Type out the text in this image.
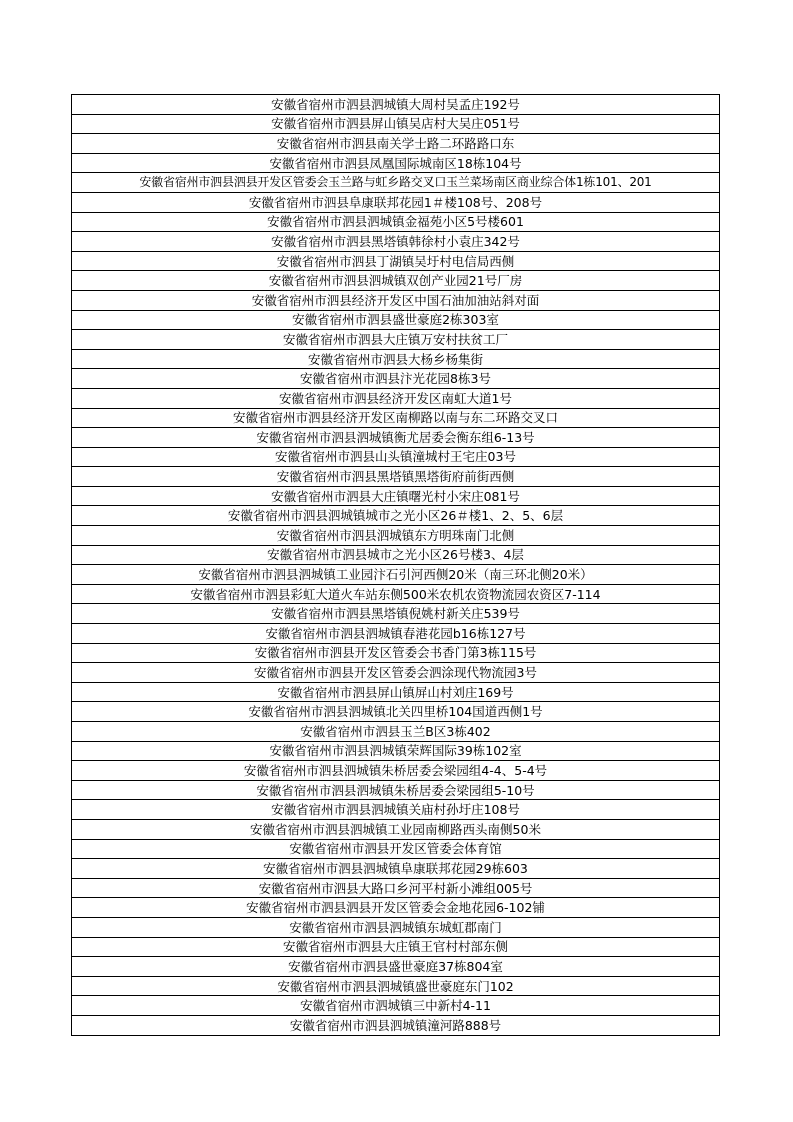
安徽省宿州市泗县泗城镇大周村吴孟庄192号
安徽省宿州市泗县屏山镇吴店村大吴庄051号
安徽省宿州市泗县南关学士路二环路路口东
安徽省宿州市泗县凤凰国际城南区18栋104号
安徽省宿州市泗县泗县开发区管委会玉兰路与虹乡路交叉口玉兰菜场南区商业综合体1栋101、201
安徽省宿州市泗县阜康联邦花园1＃楼108号、208号
安徽省宿州市泗县泗城镇金福苑小区5号楼601
安徽省宿州市泗县黑塔镇韩徐村小袁庄342号
安徽省宿州市泗县丁湖镇吴圩村电信局西侧
安徽省宿州市泗县泗城镇双创产业园21号厂房
安徽省宿州市泗县经济开发区中国石油加油站斜对面
安徽省宿州市泗县盛世豪庭2栋303室
安徽省宿州市泗县大庄镇万安村扶贫工厂
安徽省宿州市泗县大杨乡杨集街
安徽省宿州市泗县汴光花园8栋3号
安徽省宿州市泗县经济开发区南虹大道1号
安徽省宿州市泗县经济开发区南柳路以南与东二环路交叉口
安徽省宿州市泗县泗城镇衡尤居委会衡东组6-13号
安徽省宿州市泗县山头镇潼城村王宅庄03号
安徽省宿州市泗县黑塔镇黑塔街府前街西侧
安徽省宿州市泗县大庄镇曙光村小宋庄081号
安徽省宿州市泗县泗城镇城市之光小区26＃楼1、2、5、6层
安徽省宿州市泗县泗城镇东方明珠南门北侧
安徽省宿州市泗县城市之光小区26号楼3、4层
安徽省宿州市泗县泗城镇工业园汴石引河西侧20米（南三环北侧20米）
安徽省宿州市泗县彩虹大道火车站东侧500米农机农资物流园农资区7-114
安徽省宿州市泗县黑塔镇倪姚村新关庄539号
安徽省宿州市泗县泗城镇春港花园b16栋127号
安徽省宿州市泗县开发区管委会书香门第3栋115号
安徽省宿州市泗县开发区管委会泗涂现代物流园3号
安徽省宿州市泗县屏山镇屏山村刘庄169号
安徽省宿州市泗县泗城镇北关四里桥104国道西侧1号
安徽省宿州市泗县玉兰B区3栋402
安徽省宿州市泗县泗城镇荣辉国际39栋102室
安徽省宿州市泗县泗城镇朱桥居委会梁园组4-4、5-4号
安徽省宿州市泗县泗城镇朱桥居委会梁园组5-10号
安徽省宿州市泗县泗城镇关庙村孙圩庄108号
安徽省宿州市泗县泗城镇工业园南柳路西头南侧50米
安徽省宿州市泗县开发区管委会体育馆
安徽省宿州市泗县泗城镇阜康联邦花园29栋603
安徽省宿州市泗县大路口乡河平村新小滩组005号
安徽省宿州市泗县泗县开发区管委会金地花园6-102铺
安徽省宿州市泗县泗城镇东城虹郡南门
安徽省宿州市泗县大庄镇王官村村部东侧
安徽省宿州市泗县盛世豪庭37栋804室
安徽省宿州市泗县泗城镇盛世豪庭东门102
安徽省宿州市泗城镇三中新村4-11
安徽省宿州市泗县泗城镇潼河路888号
